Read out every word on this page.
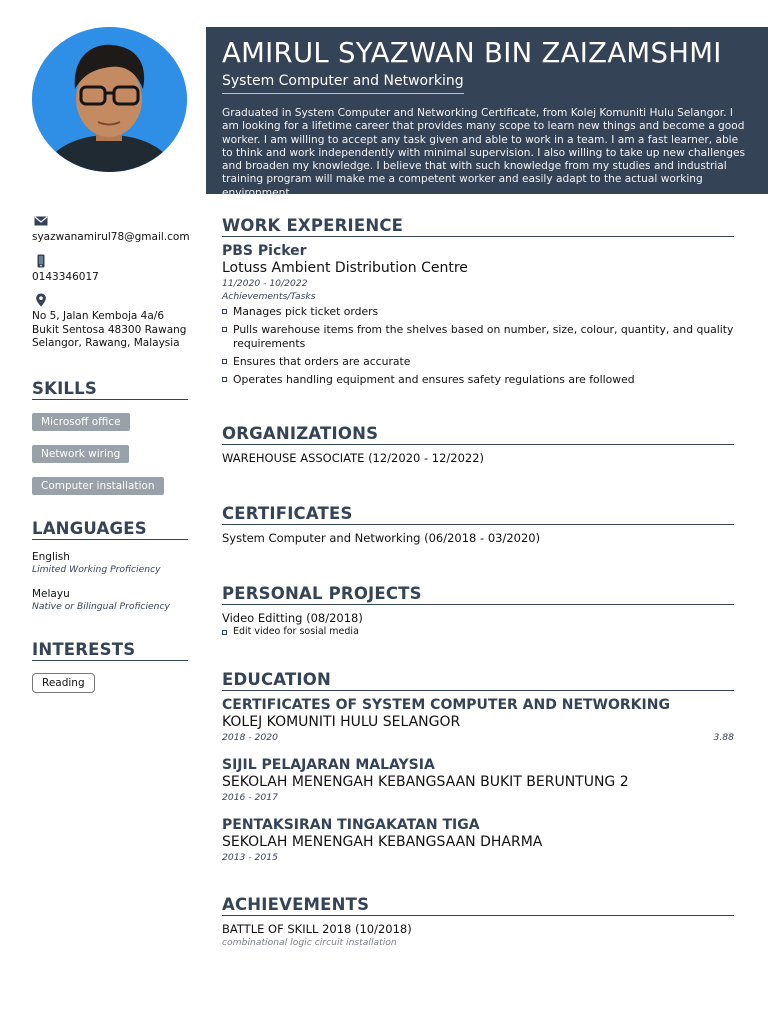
AMIRUL SYAZWAN BIN ZAIZAMSHMI
System Computer and Networking
Graduated in System Computer and Networking Certificate, from Kolej Komuniti Hulu Selangor. I am looking for a lifetime career that provides many scope to learn new things and become a good worker. I am willing to accept any task given and able to work in a team. I am a fast learner, able to think and work independently with minimal supervision. I also willing to take up new challenges and broaden my knowledge. I believe that with such knowledge from my studies and industrial training program will make me a competent worker and easily adapt to the actual working environment.
syazwanamirul78@gmail.com
0143346017
No 5, Jalan Kemboja 4a/6 Bukit Sentosa 48300 Rawang Selangor, Rawang, Malaysia
SKILLS
Microsoff office
Network wiring
Computer installation
LANGUAGES
English
Limited Working Proficiency
Melayu
Native or Bilingual Proficiency
INTERESTS
Reading
WORK EXPERIENCE
PBS Picker
Lotuss Ambient Distribution Centre
11/2020 - 10/2022
Achievements/Tasks
Manages pick ticket orders
Pulls warehouse items from the shelves based on number, size, colour, quantity, and quality requirements
Ensures that orders are accurate
Operates handling equipment and ensures safety regulations are followed
ORGANIZATIONS
WAREHOUSE ASSOCIATE (12/2020 - 12/2022)
CERTIFICATES
System Computer and Networking (06/2018 - 03/2020)
PERSONAL PROJECTS
Video Editting (08/2018)
Edit video for sosial media
EDUCATION
CERTIFICATES OF SYSTEM COMPUTER AND NETWORKING
KOLEJ KOMUNITI HULU SELANGOR
2018 - 2020	3.88
SIJIL PELAJARAN MALAYSIA
SEKOLAH MENENGAH KEBANGSAAN BUKIT BERUNTUNG 2
2016 - 2017
PENTAKSIRAN TINGAKATAN TIGA
SEKOLAH MENENGAH KEBANGSAAN DHARMA
2013 - 2015
ACHIEVEMENTS
BATTLE OF SKILL 2018 (10/2018)
combinational logic circuit installation
